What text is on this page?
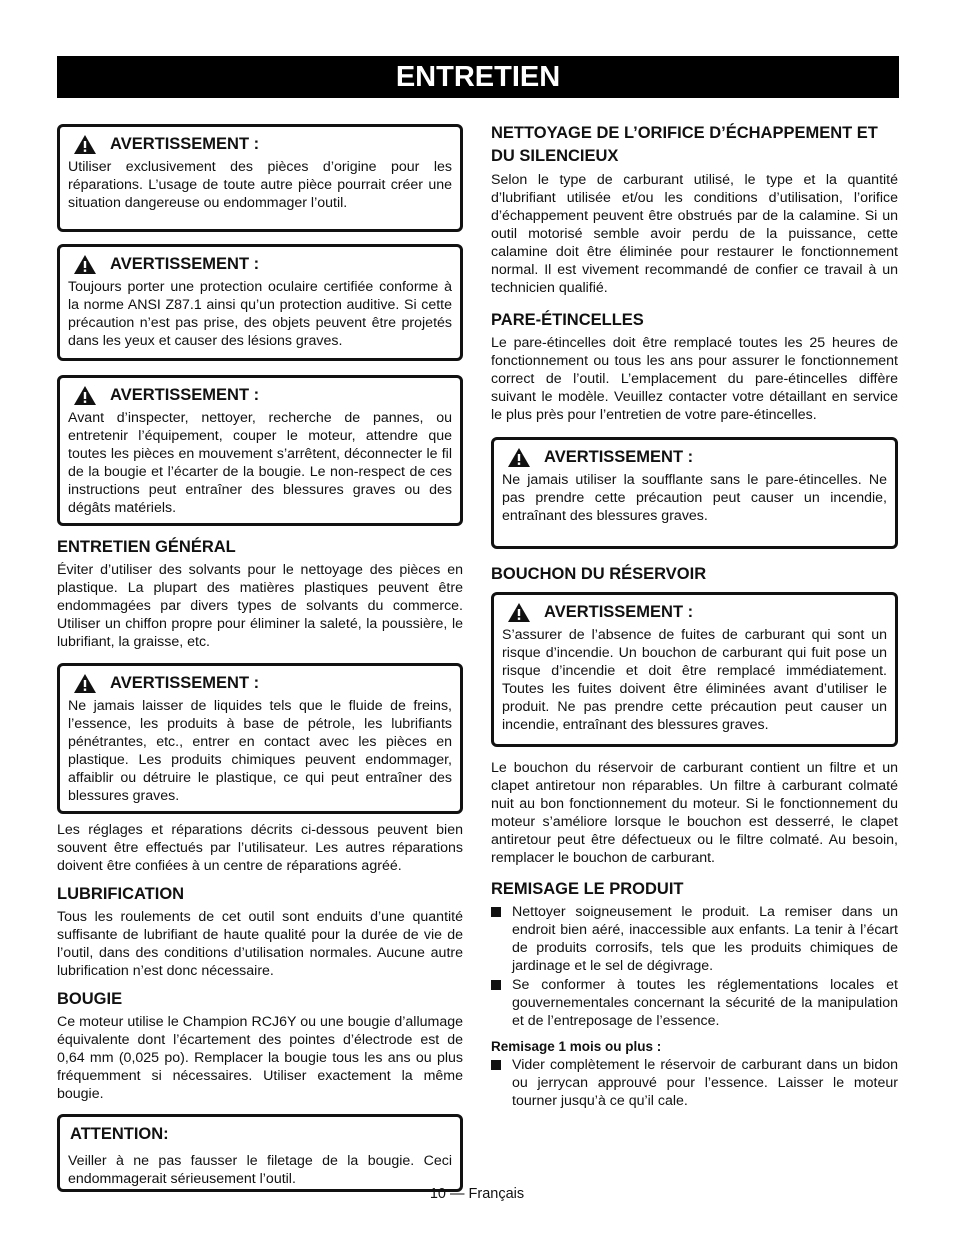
ENTRETIEN
AVERTISSEMENT :

Utiliser exclusivement des pièces d’origine pour les réparations. L’usage de toute autre pièce pourrait créer une situation dangereuse ou endommager l’outil.

AVERTISSEMENT :

Toujours porter une protection oculaire certifiée conforme à la norme ANSI Z87.1 ainsi qu’un protection auditive. Si cette précaution n’est pas prise, des objets peuvent être projetés dans les yeux et causer des lésions graves.

AVERTISSEMENT :

Avant d’inspecter, nettoyer, recherche de pannes, ou entretenir l’équipement, couper le moteur, attendre que toutes les pièces en mouvement s’arrêtent, déconnecter le fil de la bougie et l’écarter de la bougie. Le non-respect de ces instructions peut entraîner des blessures graves ou des dégâts matériels.

ENTRETIEN GÉNÉRAL

Éviter d’utiliser des solvants pour le nettoyage des pièces en plastique. La plupart des matières plastiques peuvent être endommagées par divers types de solvants du commerce. Utiliser un chiffon propre pour éliminer la saleté, la poussière, le lubrifiant, la graisse, etc.

AVERTISSEMENT :

Ne jamais laisser de liquides tels que le fluide de freins, l’essence, les produits à base de pétrole, les lubrifiants pénétrantes, etc., entrer en contact avec les pièces en plastique. Les produits chimiques peuvent endommager, affaiblir ou détruire le plastique, ce qui peut entraîner des blessures graves.

Les réglages et réparations décrits ci-dessous peuvent bien souvent être effectués par l’utilisateur. Les autres réparations doivent être confiées à un centre de réparations agréé.

LUBRIFICATION

Tous les roulements de cet outil sont enduits d’une quantité suffisante de lubrifiant de haute qualité pour la durée de vie de l’outil, dans des conditions d’utilisation normales. Aucune autre lubrification n’est donc nécessaire.

BOUGIE

Ce moteur utilise le Champion RCJ6Y ou une bougie d’allumage équivalente dont l’écartement des pointes d’électrode est de 0,64 mm (0,025 po). Remplacer la bougie tous les ans ou plus fréquemment si nécessaires. Utiliser exactement la même bougie.

ATTENTION:

Veiller à ne pas fausser le filetage de la bougie. Ceci endommagerait sérieusement l’outil.

NETTOYAGE DE L’ORIFICE D’ÉCHAPPEMENT ET DU SILENCIEUX

Selon le type de carburant utilisé, le type et la quantité d’lubrifiant utilisée et/ou les conditions d’utilisation, l’orifice d’échappement peuvent être obstrués par de la calamine. Si un outil motorisé semble avoir perdu de la puissance, cette calamine doit être éliminée pour restaurer le fonctionnement normal. Il est vivement recommandé de confier ce travail à un technicien qualifié.

PARE-ÉTINCELLES

Le pare-étincelles doit être remplacé toutes les 25 heures de fonctionnement ou tous les ans pour assurer le fonctionnement correct de l’outil. L’emplacement du pare-étincelles diffère suivant le modèle. Veuillez contacter votre détaillant en service le plus près pour l’entretien de votre pare-étincelles.

AVERTISSEMENT :

Ne jamais utiliser la soufflante sans le pare-étincelles. Ne pas prendre cette précaution peut causer un incendie, entraînant des blessures graves.

BOUCHON DU RÉSERVOIR
AVERTISSEMENT :

S’assurer de l’absence de fuites de carburant qui sont un risque d’incendie. Un bouchon de carburant qui fuit pose un risque d’incendie et doit être remplacé immédiatement. Toutes les fuites doivent être éliminées avant d’utiliser le produit. Ne pas prendre cette précaution peut causer un incendie, entraînant des blessures graves.

Le bouchon du réservoir de carburant contient un filtre et un clapet antiretour non réparables. Un filtre à carburant colmaté nuit au bon fonctionnement du moteur. Si le fonctionnement du moteur s’améliore lorsque le bouchon est desserré, le clapet antiretour peut être défectueux ou le filtre colmaté. Au besoin, remplacer le bouchon de carburant.

REMISAGE LE PRODUIT
Nettoyer soigneusement le produit. La remiser dans un endroit bien aéré, inaccessible aux enfants. La tenir à l’écart de produits corrosifs, tels que les produits chimiques de jardinage et le sel de dégivrage.
Se conformer à toutes les réglementations locales et gouvernementales concernant la sécurité de la manipulation et de l’entreposage de l’essence.
Remisage 1 mois ou plus :
Vider complètement le réservoir de carburant dans un bidon ou jerrycan approuvé pour l’essence. Laisser le moteur tourner jusqu’à ce qu’il cale.
10 — Français
